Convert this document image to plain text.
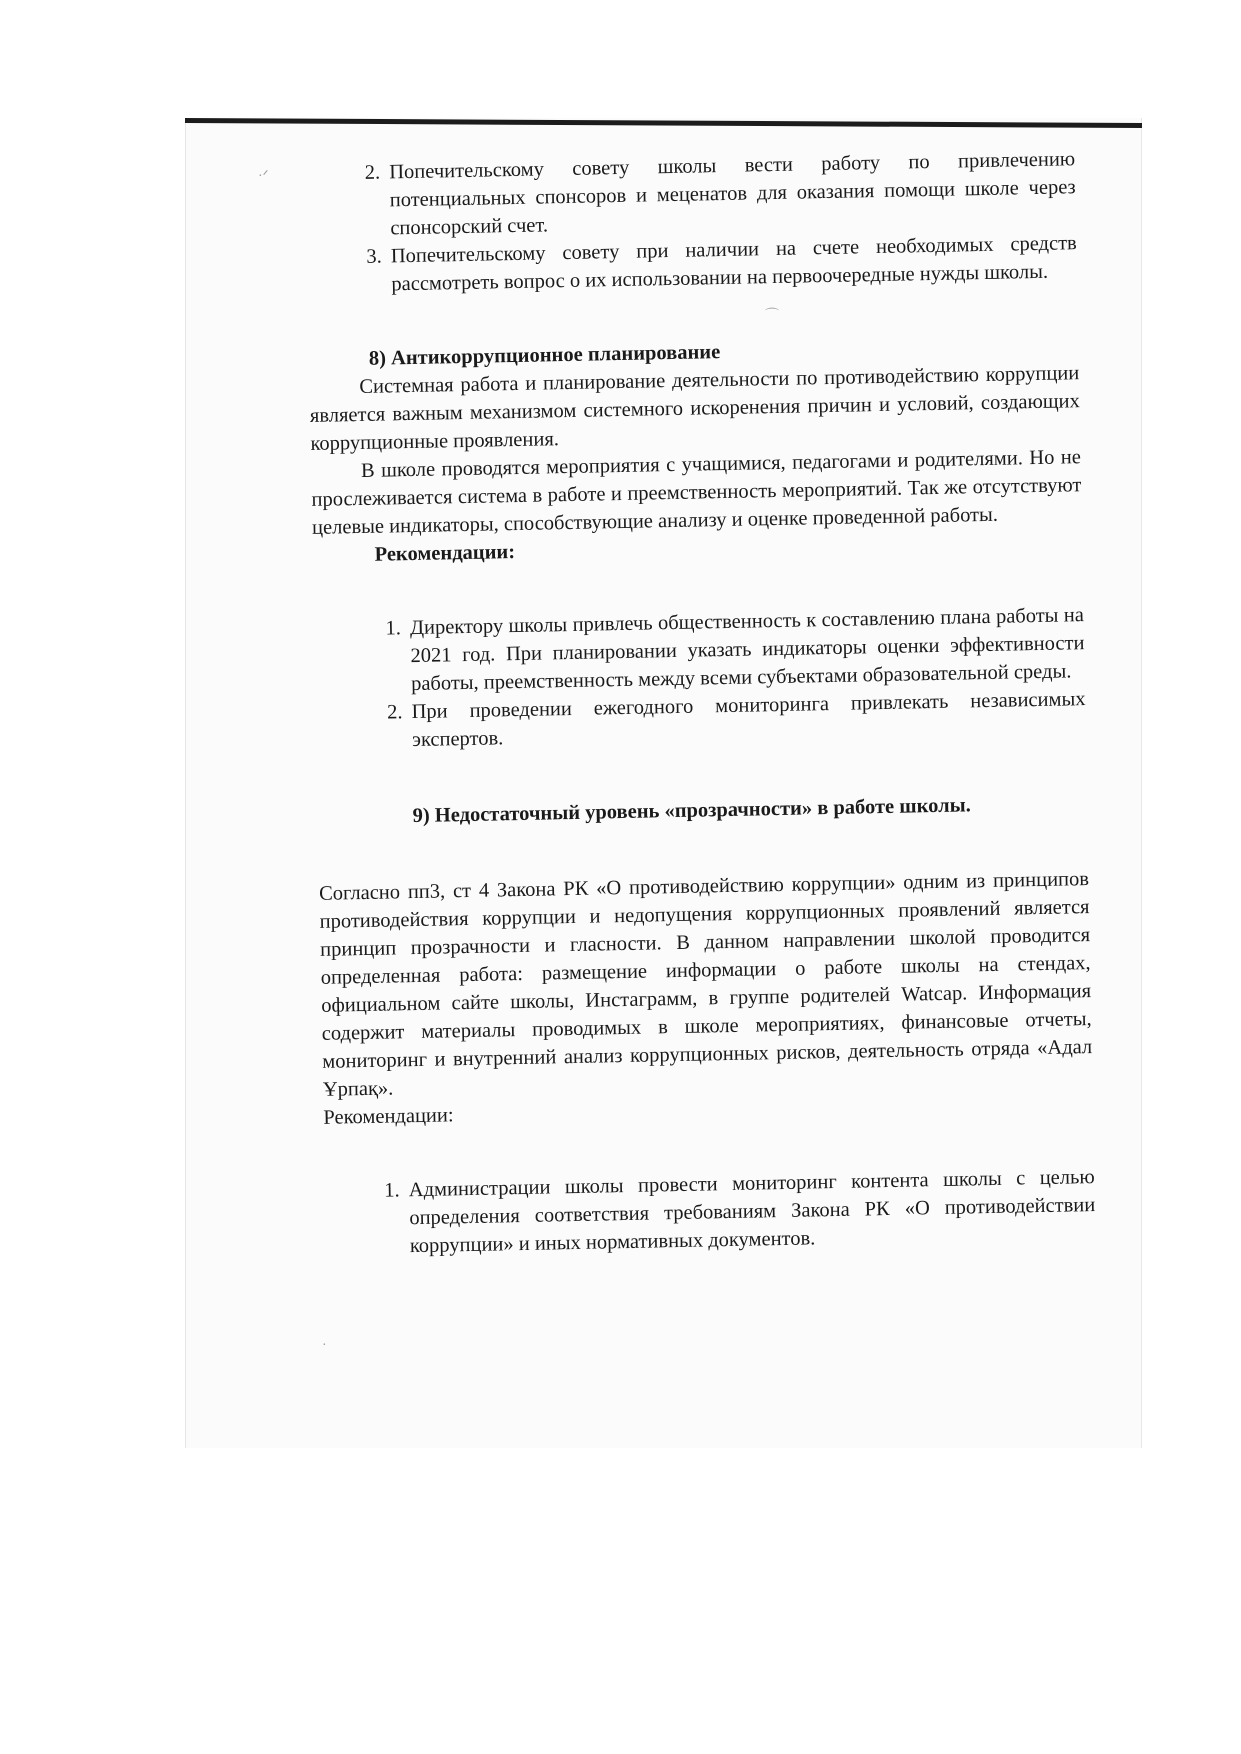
·ᐟ
⌒
·
2. Попечительскому совету школы вести работу по привлечению потенциальных спонсоров и меценатов для оказания помощи школе через спонсорский счет.
3. Попечительскому совету при наличии на счете необходимых средств рассмотреть вопрос о их использовании на первоочередные нужды школы.
8) Антикоррупционное планирование

Системная работа и планирование деятельности по противодействию коррупции является важным механизмом системного искоренения причин и условий, создающих коррупционные проявления.

В школе проводятся мероприятия с учащимися, педагогами и родителями. Но не прослеживается система в работе и преемственность мероприятий. Так же отсутствуют целевые индикаторы, способствующие анализу и оценке проведенной работы.

Рекомендации:
1. Директору школы привлечь общественность к составлению плана работы на 2021 год. При планировании указать индикаторы оценки эффективности работы, преемственность между всеми субъектами образовательной среды.
2. При проведении ежегодного мониторинга привлекать независимых экспертов.
9) Недостаточный уровень «прозрачности» в работе школы.

Согласно пп3, ст 4 Закона РК «О противодействию коррупции» одним из принципов противодействия коррупции и недопущения коррупционных проявлений является принцип прозрачности и гласности. В данном направлении школой проводится определенная работа: размещение информации о работе школы на стендах, официальном сайте школы, Инстаграмм, в группе родителей Watcap. Информация содержит материалы проводимых в школе мероприятиях, финансовые отчеты, мониторинг и внутренний анализ коррупционных рисков, деятельность отряда «Адал Ұрпақ».

Рекомендации:

1. Администрации школы провести мониторинг контента школы с целью определения соответствия требованиям Закона РК «О противодействии коррупции» и иных нормативных документов.
